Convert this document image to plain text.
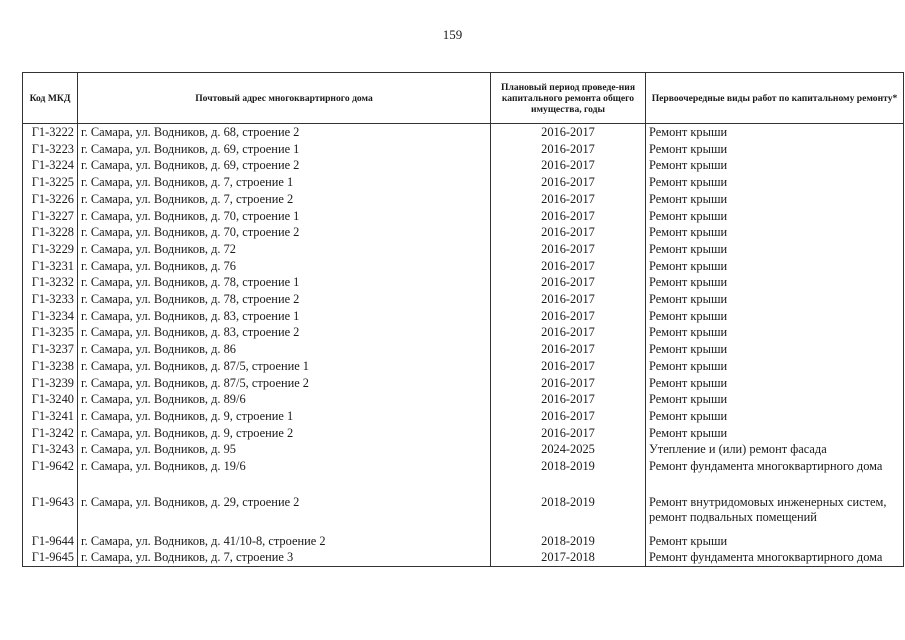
159
Код МКД	Почтовый адрес многоквартирного дома	Плановый период проведе-ния капитального ремонта общего имущества, годы	Первоочередные виды работ по капитальному ремонту*
Г1-3222	г. Самара, ул. Водников, д. 68, строение 2	2016-2017	Ремонт крыши

Г1-3223	г. Самара, ул. Водников, д. 69, строение 1	2016-2017	Ремонт крыши

Г1-3224	г. Самара, ул. Водников, д. 69, строение 2	2016-2017	Ремонт крыши

Г1-3225	г. Самара, ул. Водников, д. 7, строение 1	2016-2017	Ремонт крыши

Г1-3226	г. Самара, ул. Водников, д. 7, строение 2	2016-2017	Ремонт крыши

Г1-3227	г. Самара, ул. Водников, д. 70, строение 1	2016-2017	Ремонт крыши

Г1-3228	г. Самара, ул. Водников, д. 70, строение 2	2016-2017	Ремонт крыши

Г1-3229	г. Самара, ул. Водников, д. 72	2016-2017	Ремонт крыши

Г1-3231	г. Самара, ул. Водников, д. 76	2016-2017	Ремонт крыши

Г1-3232	г. Самара, ул. Водников, д. 78, строение 1	2016-2017	Ремонт крыши

Г1-3233	г. Самара, ул. Водников, д. 78, строение 2	2016-2017	Ремонт крыши

Г1-3234	г. Самара, ул. Водников, д. 83, строение 1	2016-2017	Ремонт крыши

Г1-3235	г. Самара, ул. Водников, д. 83, строение 2	2016-2017	Ремонт крыши

Г1-3237	г. Самара, ул. Водников, д. 86	2016-2017	Ремонт крыши

Г1-3238	г. Самара, ул. Водников, д. 87/5, строение 1	2016-2017	Ремонт крыши

Г1-3239	г. Самара, ул. Водников, д. 87/5, строение 2	2016-2017	Ремонт крыши

Г1-3240	г. Самара, ул. Водников, д. 89/6	2016-2017	Ремонт крыши

Г1-3241	г. Самара, ул. Водников, д. 9, строение 1	2016-2017	Ремонт крыши

Г1-3242	г. Самара, ул. Водников, д. 9, строение 2	2016-2017	Ремонт крыши

Г1-3243	г. Самара, ул. Водников, д. 95	2024-2025	Утепление и (или) ремонт фасада

Г1-9642	г. Самара, ул. Водников, д. 19/6	2018-2019	Ремонт фундамента многоквартирного дома

Г1-9643	г. Самара, ул. Водников, д. 29, строение 2	2018-2019	Ремонт внутридомовых инженерных систем,
ремонт подвальных помещений

Г1-9644	г. Самара, ул. Водников, д. 41/10-8, строение 2	2018-2019	Ремонт крыши

Г1-9645	г. Самара, ул. Водников, д. 7, строение 3	2017-2018	Ремонт фундамента многоквартирного дома
